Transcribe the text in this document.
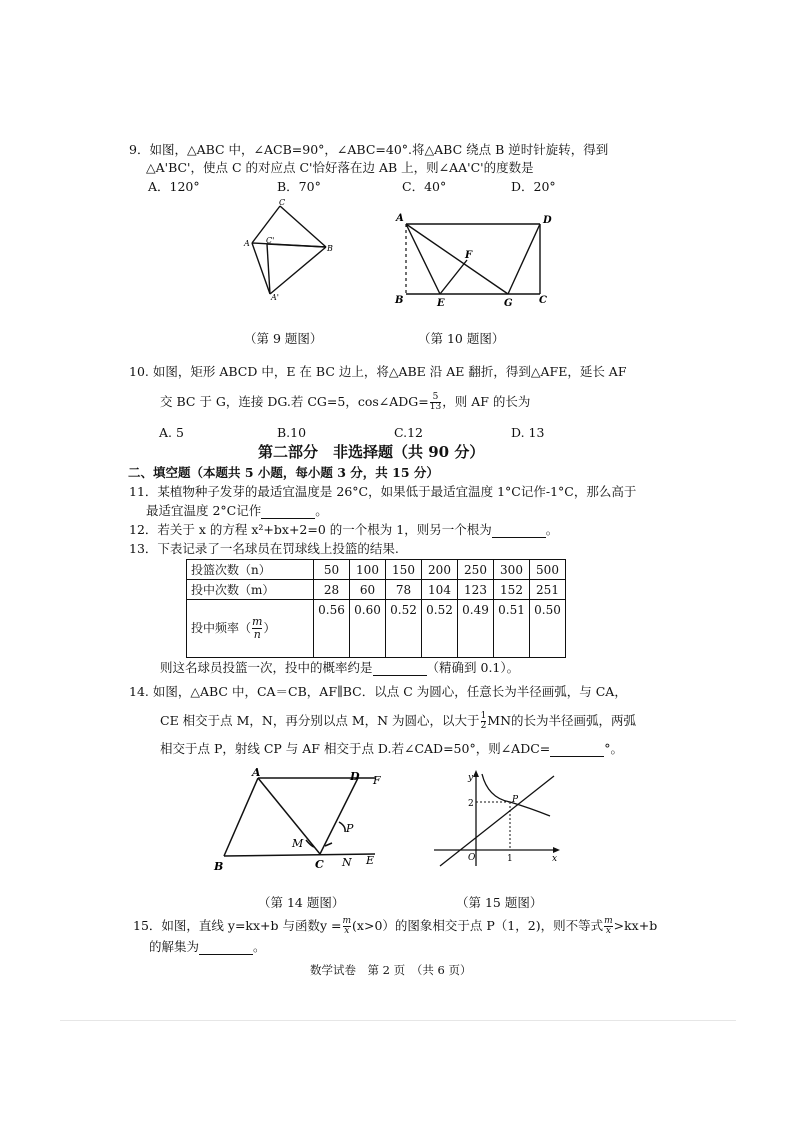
9．如图，△ABC 中，∠ACB=90°，∠ABC=40°.将△ABC 绕点 B 逆时针旋转，得到
△A'BC'，使点 C 的对应点 C'恰好落在边 AB 上，则∠AA'C'的度数是
A．120°	B．70°	C．40°	D．20°
C
A C'
B
A'
（第 9 题图）
A	D
F
B	E	G	C
（第 10 题图）
10. 如图，矩形 ABCD 中，E 在 BC 边上，将△ABE 沿 AE 翻折，得到△AFE，延长 AF
交 BC 于 G，连接 DG.若 CG=5，cos∠ADG= $\frac{5}{13}$ ，则 AF 的长为
A. 5	B.10	C.12	D. 13
第二部分　非选择题（共 90 分）
二、填空题（本题共 5 小题，每小题 3 分，共 15 分）
11．某植物种子发芽的最适宜温度是 26°C，如果低于最适宜温度 1°C记作-1°C，那么高于
最适宜温度 2°C记作	。
12．若关于 x 的方程 x²+bx+2=0 的一个根为 1，则另一个根为	。
13．下表记录了一名球员在罚球线上投篮的结果.
投篮次数（n）	50	100	150	200	250	300	500
投中次数（m）	28	60	78	104	123	152	251
投中频率（ $\frac{m}{n}$ ）	0.56	0.60	0.52	0.52	0.49	0.51	0.50
则这名球员投篮一次，投中的概率约是	（精确到 0.1）。
14. 如图，△ABC 中，CA＝CB，AF∥BC．以点 C 为圆心，任意长为半径画弧，与 CA，
CE 相交于点 M，N，再分别以点 M，N 为圆心，以大于 $\frac{1}{2}$ MN的长为半径画弧，两弧
相交于点 P，射线 CP 与 AF 相交于点 D.若∠CAD=50°，则∠ADC=	°。
A	D F
P
M
B	C N E
（第 14 题图）
y
2	P
O	1	x
（第 15 题图）
15．如图，直线 y=kx+b 与函数$y = \frac{m}{x} (x>0)$的图象相交于点 P（1，2)，则不等式 $\frac{m}{x} >kx+b$
的解集为	。
数学试卷　第 2 页　（共 6 页）
